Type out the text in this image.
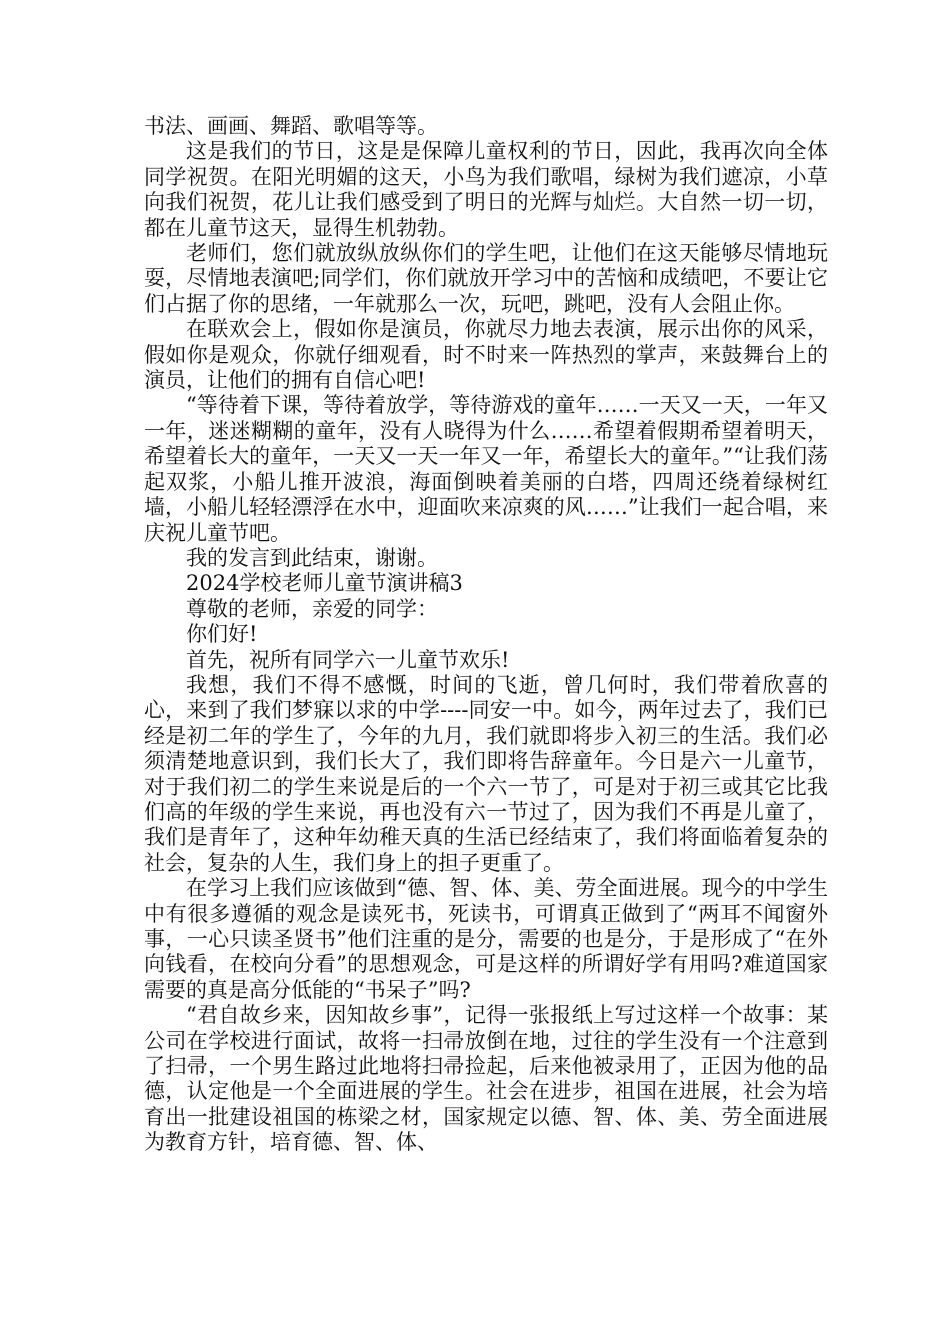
书法、画画、舞蹈、歌唱等等。

这是我们的节日，这是是保障儿童权利的节日，因此，我再次向全体同学祝贺。在阳光明媚的这天，小鸟为我们歌唱，绿树为我们遮凉，小草向我们祝贺，花儿让我们感受到了明日的光辉与灿烂。大自然一切一切，都在儿童节这天，显得生机勃勃。

老师们，您们就放纵放纵你们的学生吧，让他们在这天能够尽情地玩耍，尽情地表演吧;同学们，你们就放开学习中的苦恼和成绩吧，不要让它们占据了你的思绪，一年就那么一次，玩吧，跳吧，没有人会阻止你。

在联欢会上，假如你是演员，你就尽力地去表演，展示出你的风采，假如你是观众，你就仔细观看，时不时来一阵热烈的掌声，来鼓舞台上的演员，让他们的拥有自信心吧!

“等待着下课，等待着放学，等待游戏的童年……一天又一天，一年又一年，迷迷糊糊的童年，没有人晓得为什么……希望着假期希望着明天，希望着长大的童年，一天又一天一年又一年，希望长大的童年。”“让我们荡起双浆，小船儿推开波浪，海面倒映着美丽的白塔，四周还绕着绿树红墙，小船儿轻轻漂浮在水中，迎面吹来凉爽的风……”让我们一起合唱，来庆祝儿童节吧。

我的发言到此结束，谢谢。

2024学校老师儿童节演讲稿3

尊敬的老师，亲爱的同学：

你们好!

首先，祝所有同学六一儿童节欢乐!

我想，我们不得不感慨，时间的飞逝，曾几何时，我们带着欣喜的心，来到了我们梦寐以求的中学----同安一中。如今，两年过去了，我们已经是初二年的学生了，今年的九月，我们就即将步入初三的生活。我们必须清楚地意识到，我们长大了，我们即将告辞童年。今日是六一儿童节，对于我们初二的学生来说是后的一个六一节了，可是对于初三或其它比我们高的年级的学生来说，再也没有六一节过了，因为我们不再是儿童了，我们是青年了，这种年幼稚天真的生活已经结束了，我们将面临着复杂的社会，复杂的人生，我们身上的担子更重了。

在学习上我们应该做到“德、智、体、美、劳全面进展。现今的中学生中有很多遵循的观念是读死书，死读书，可谓真正做到了“两耳不闻窗外事，一心只读圣贤书”他们注重的是分，需要的也是分，于是形成了“在外向钱看，在校向分看”的思想观念，可是这样的所谓好学有用吗?难道国家需要的真是高分低能的“书呆子”吗?

“君自故乡来，因知故乡事”，记得一张报纸上写过这样一个故事：某公司在学校进行面试，故将一扫帚放倒在地，过往的学生没有一个注意到了扫帚，一个男生路过此地将扫帚捡起，后来他被录用了，正因为他的品德，认定他是一个全面进展的学生。社会在进步，祖国在进展，社会为培育出一批建设祖国的栋梁之材，国家规定以德、智、体、美、劳全面进展为教育方针，培育德、智、体、
